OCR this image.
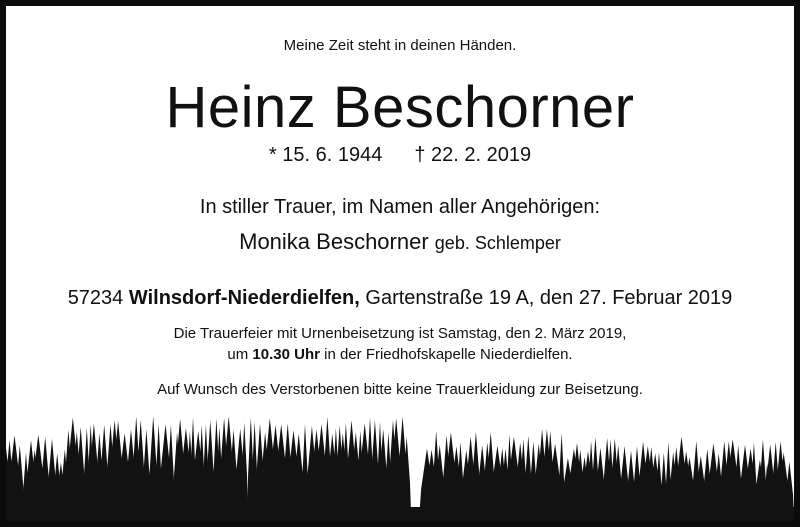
Meine Zeit steht in deinen Händen.
Heinz Beschorner
* 15. 6. 1944 † 22. 2. 2019
In stiller Trauer, im Namen aller Angehörigen:
Monika Beschorner geb. Schlemper
57234 Wilnsdorf-Niederdielfen, Gartenstraße 19 A, den 27. Februar 2019
Die Trauerfeier mit Urnenbeisetzung ist Samstag, den 2. März 2019,
um 10.30 Uhr in der Friedhofskapelle Niederdielfen.
Auf Wunsch des Verstorbenen bitte keine Trauerkleidung zur Beisetzung.
